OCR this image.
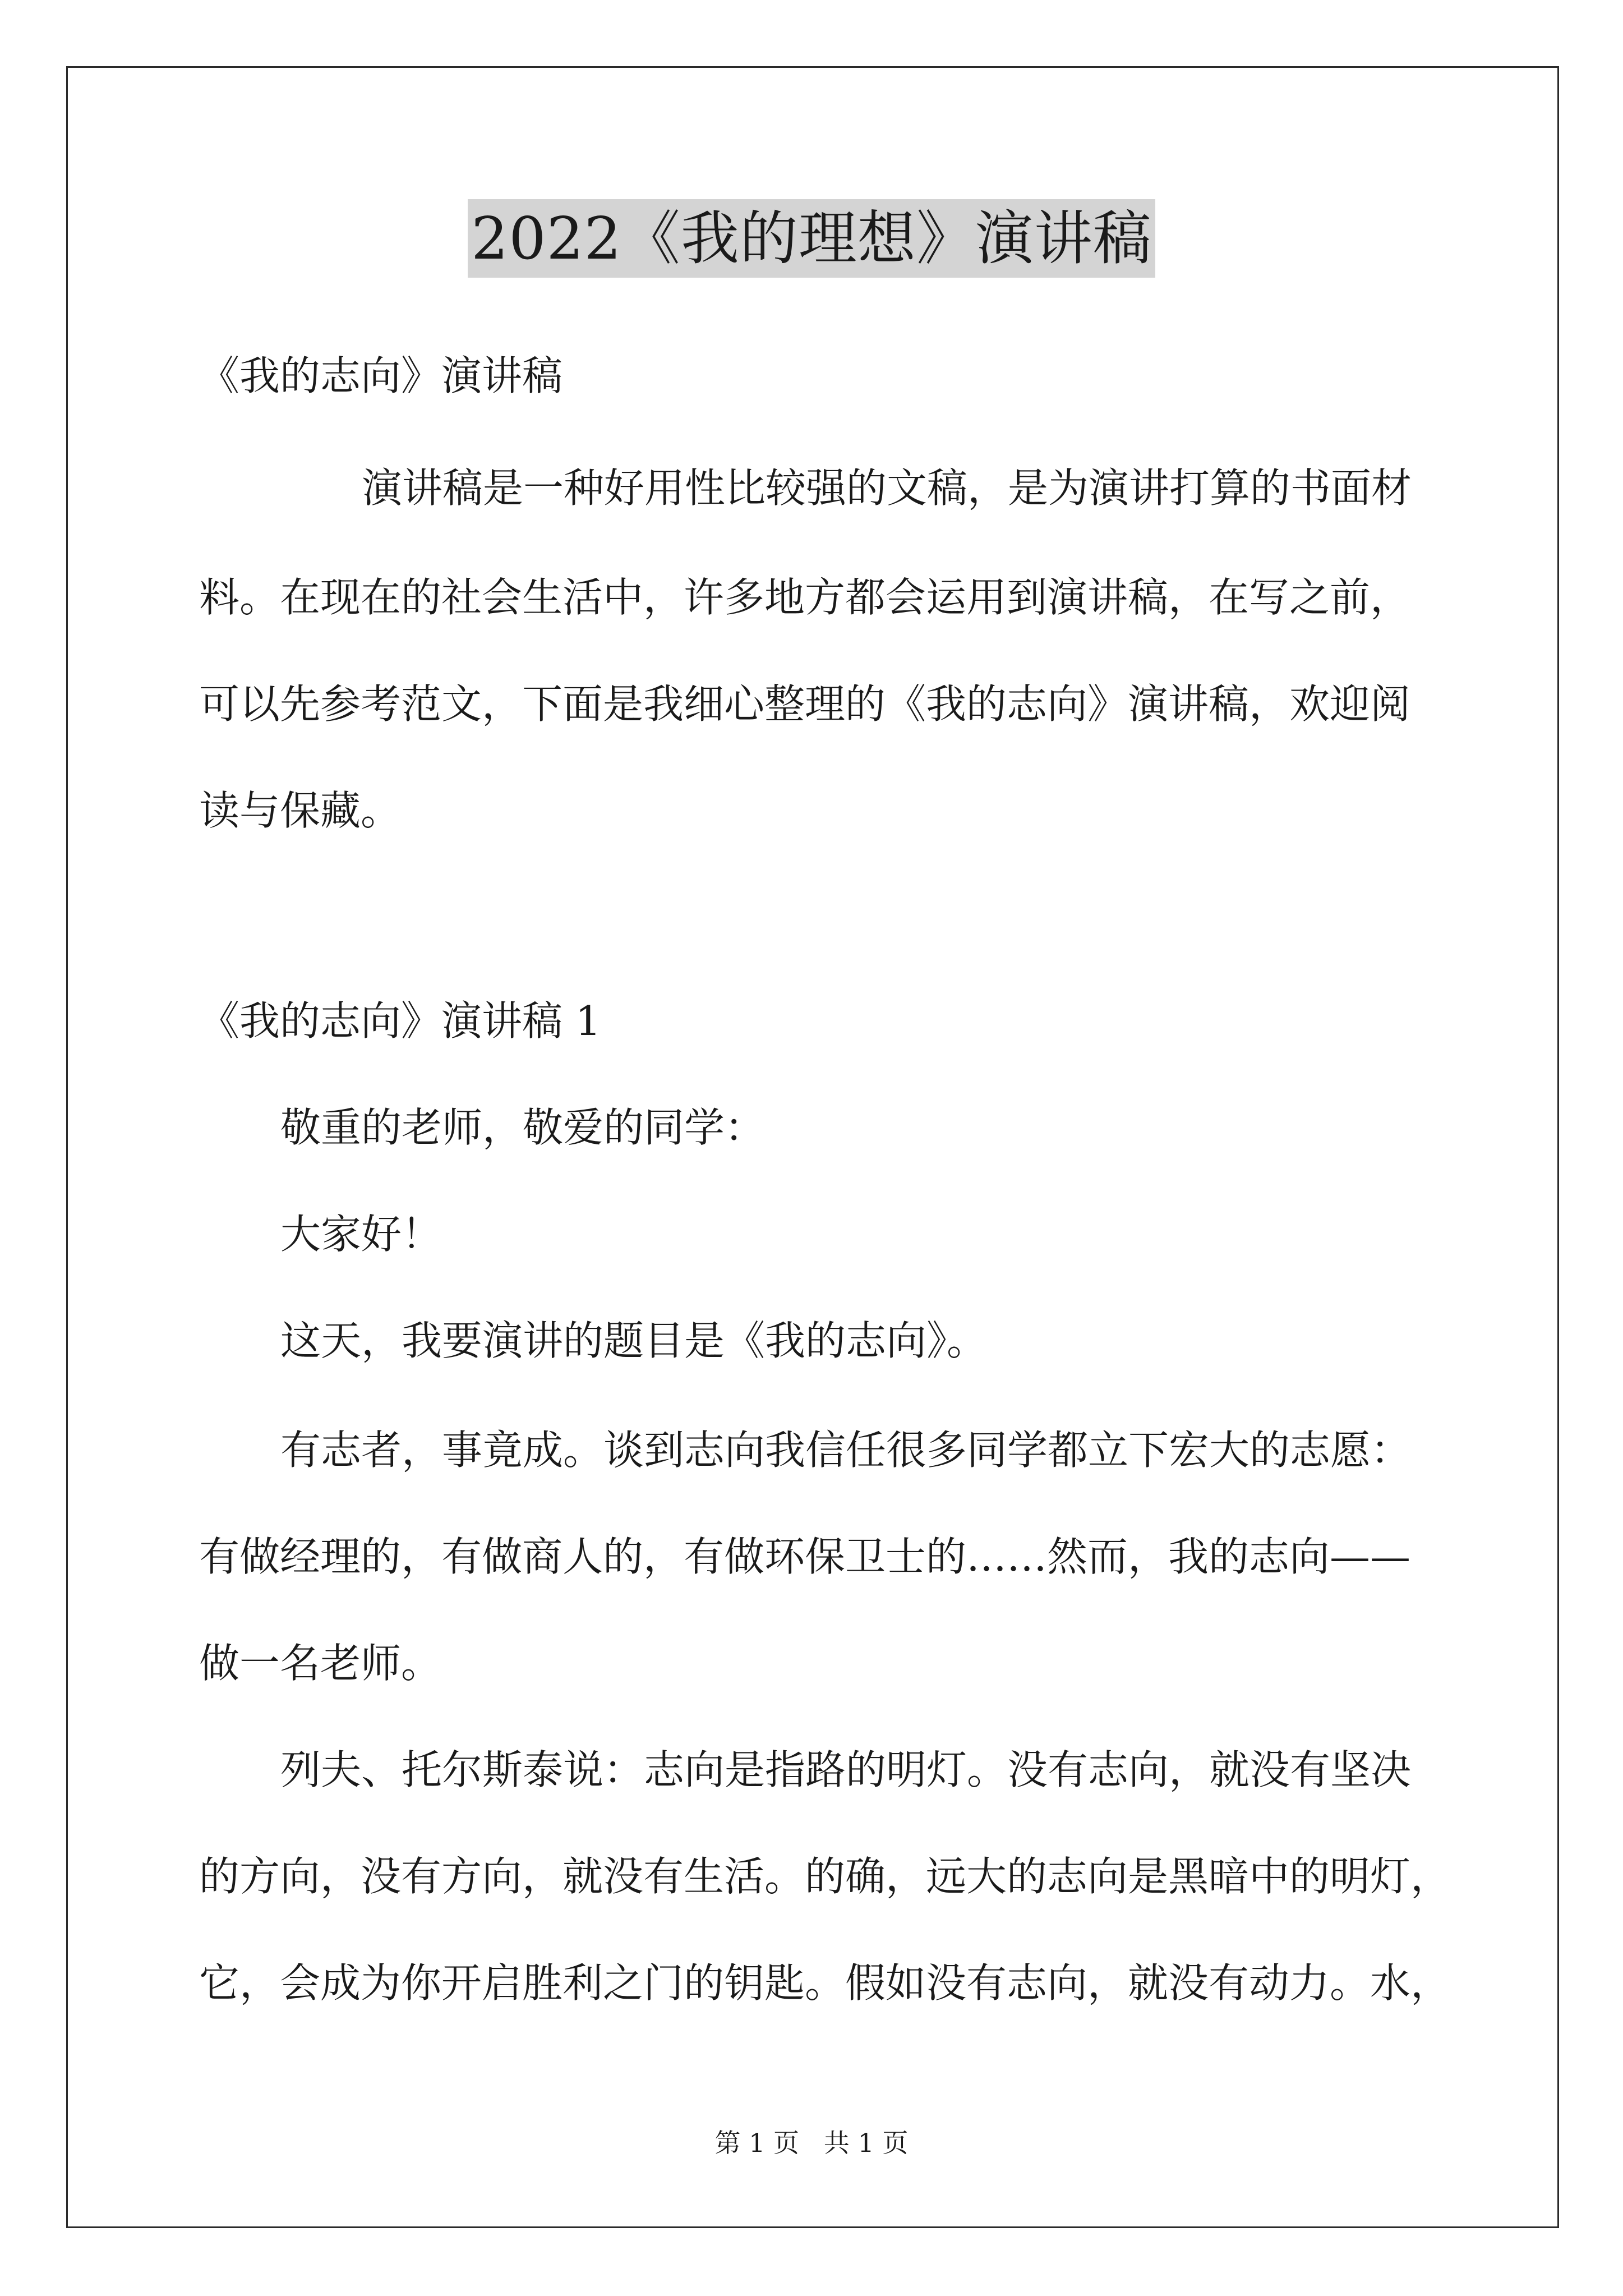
2022《我的理想》演讲稿
《我的志向》演讲稿
演讲稿是一种好用性比较强的文稿，是为演讲打算的书面材
料。在现在的社会生活中，许多地方都会运用到演讲稿，在写之前，
可以先参考范文，下面是我细心整理的《我的志向》演讲稿，欢迎阅
读与保藏。
《我的志向》演讲稿 1
敬重的老师，敬爱的同学：
大家好！
这天，我要演讲的题目是《我的志向》。
有志者，事竟成。谈到志向我信任很多同学都立下宏大的志愿：
有做经理的，有做商人的，有做环保卫士的……然而，我的志向——
做一名老师。
列夫、托尔斯泰说：志向是指路的明灯。没有志向，就没有坚决
的方向，没有方向，就没有生活。的确，远大的志向是黑暗中的明灯，
它，会成为你开启胜利之门的钥匙。假如没有志向，就没有动力。水，
第 1 页   共 1 页
